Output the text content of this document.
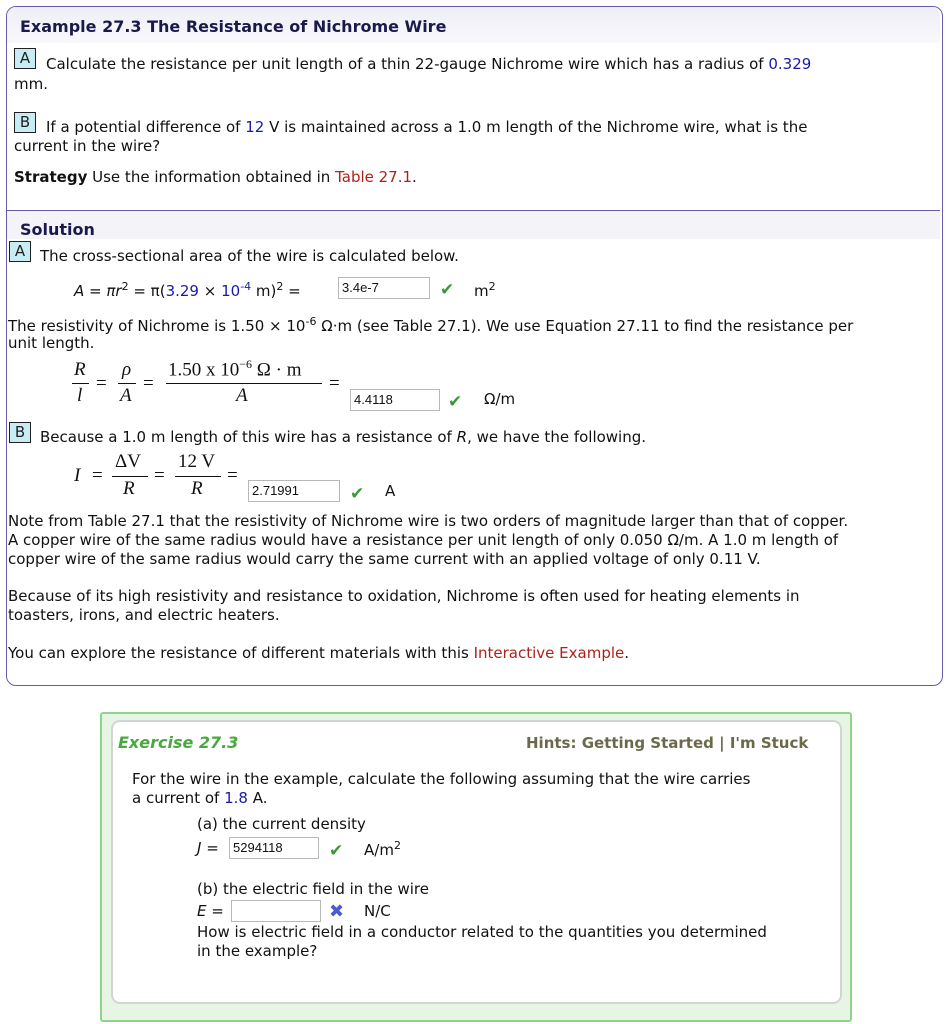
Example 27.3 The Resistance of Nichrome Wire
A	Calculate the resistance per unit length of a thin 22-gauge Nichrome wire which has a radius of 0.329
mm.
B	If a potential difference of 12 V is maintained across a 1.0 m length of the Nichrome wire, what is the
current in the wire?
Strategy Use the information obtained in Table 27.1.
Solution
A The cross-sectional area of the wire is calculated below.
$A = \pi r^2 = \pi(3.29 \times 10^{-4}$ m)$^2$ =	3.4e-7	✔ $m^2$
The resistivity of Nichrome is $1.50 \times 10^{-6}$ Ω·m (see Table 27.1). We use Equation 27.11 to find the resistance per
unit length.
R
l
=
ρ
A
=
1.50 x $10^{-6}$ Ω · m
A
=
4.4118	✔ Ω/m
B Because a 1.0 m length of this wire has a resistance of R, we have the following.
I =
ΔV
R
=
12 V
R
=
2.71991	✔ A
Note from Table 27.1 that the resistivity of Nichrome wire is two orders of magnitude larger than that of copper.
A copper wire of the same radius would have a resistance per unit length of only 0.050 Ω/m. A 1.0 m length of
copper wire of the same radius would carry the same current with an applied voltage of only 0.11 V.
Because of its high resistivity and resistance to oxidation, Nichrome is often used for heating elements in
toasters, irons, and electric heaters.
You can explore the resistance of different materials with this Interactive Example.
Exercise 27.3	Hints: Getting Started | I'm Stuck
For the wire in the example, calculate the following assuming that the wire carries
a current of 1.8 A.
(a) the current density
J =	5294118	✔ $A/m^2$
(b) the electric field in the wire
E =	✖ N/C
How is electric field in a conductor related to the quantities you determined
in the example?
